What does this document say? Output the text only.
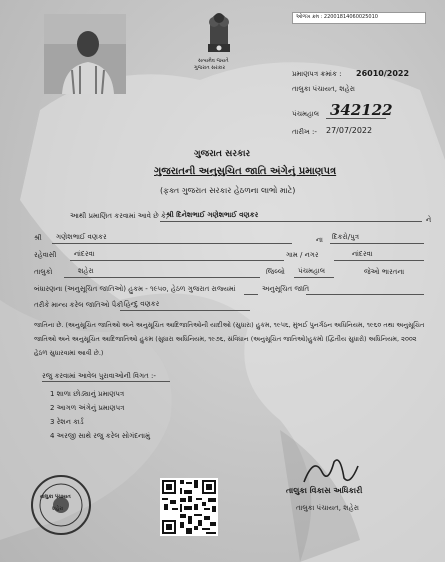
સત્યમેવ જયતે
ગુજરાત સરકાર
ઓળખ ક્રમ : 22001814060025010
પ્રમાણપત્ર ક્રમાંક : 26010/2022
તાલુકા પંચાયત, શહેરા
પંચમહાલ 342122
તારીખ :- 27/07/2022
ગુજરાત સરકાર
ગુજરાતની અનુસુચિત જાતિ અંગેનું પ્રમાણપત્ર
(ફક્ત ગુજરાત સરકાર હેઠળના લાભો માટે)
આથી પ્રમાણિત કરવામાં આવે છે કે,
શ્રી દિનેશભાઈ ગણેશભાઈ વણકર
ને
શ્રી ગણેશભાઈ વણકર	ના દિકરો/પુત્ર
રહેવાસી	નાંદરવા	ગામ / નગર	નાંદરવા
તાલુકો	શહેરા	જિલ્લો પંચમહાલ	જેઓ ભારતના
બંધારણના (અનુસૂચિત જાતિઓ) હુકમ - ૧૯૫૦, હેઠળ ગુજરાત રાજ્યમાં	અનુસૂચિત જાતિ
તરીકે માન્ય કરેલ જાતિઓ પૈકી હિન્દુ વણકર
જાતિના છે. (અનુસૂચિત જાતિઓ અને અનુસૂચિત આદિજાતિઓની યાદીઓ (સુધારા) હુકમ, ૧૯૫૬, મુંબઈ પુનર્ગઠન અધિનિયમ, ૧૯૬૦ તથા અનુસૂચિત જાતિઓ અને અનુસૂચિત આદિજાતિઓ હુકમ (સુધારા અધિનિયમ, ૧૯૭૬, સંવિધાન (અનુસૂચિત જાતિઓ)હુકમો (દ્વિતીય સુધારો) અધિનિયમ, ૨૦૦૨ હેઠળ સુધારવામાં આવી છે.)
રજુ કરવામાં આવેલ પુરાવાઓની વિગત :-
1 શાળા છોડ્યાનું પ્રમાણપત્ર
2 આગળ અંગેનું પ્રમાણપત્ર
3 રેશન કાર્ડ
4 અરજી સાથે રજુ કરેલ સોગંદનામું
તાલુકા પંચાયત
શહેરા
તાલુકા વિકાસ અધિકારી
તાલુકા પંચાયત, શહેરા
